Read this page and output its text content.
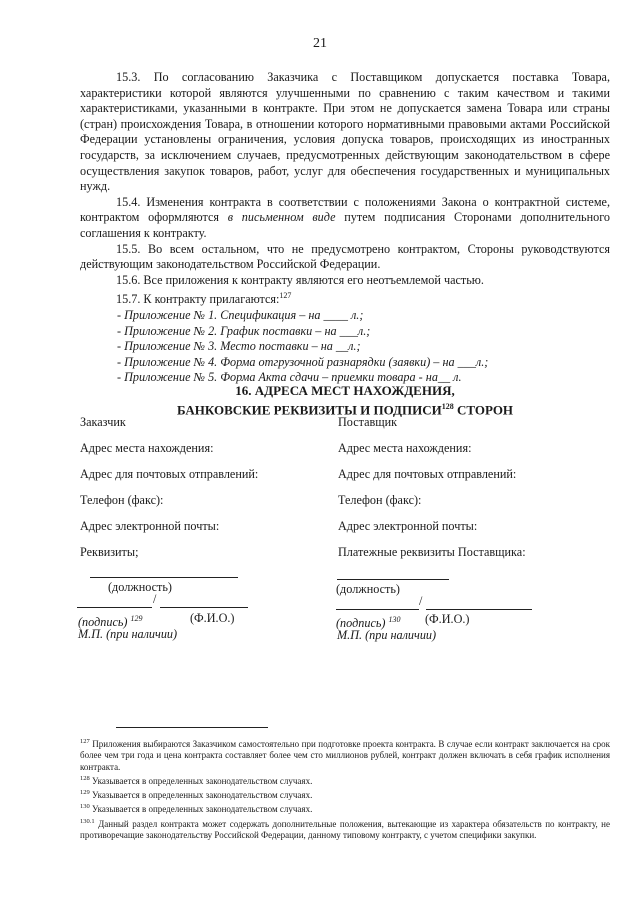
21

15.3. По согласованию Заказчика с Поставщиком допускается поставка Товара, характеристики которой являются улучшенными по сравнению с таким качеством и такими характеристиками, указанными в контракте. При этом не допускается замена Товара или страны (стран) происхождения Товара, в отношении которого нормативными правовыми актами Российской Федерации установлены ограничения, условия допуска товаров, происходящих из иностранных государств, за исключением случаев, предусмотренных действующим законодательством в сфере осуществления закупок товаров, работ, услуг для обеспечения государственных и муниципальных нужд.

15.4. Изменения контракта в соответствии с положениями Закона о контрактной системе, контрактом оформляются в письменном виде путем подписания Сторонами дополнительного соглашения к контракту.

15.5. Во всем остальном, что не предусмотрено контрактом, Стороны руководствуются действующим законодательством Российской Федерации.

15.6. Все приложения к контракту являются его неотъемлемой частью.

15.7. К контракту прилагаются:$^{127}$

- Приложение № 1. Спецификация – на ____ л.;
- Приложение № 2. График поставки – на ___л.;
- Приложение № 3. Место поставки – на __л.;
- Приложение № 4. Форма отгрузочной разнарядки (заявки) – на ___л.;
- Приложение № 5. Форма Акта сдачи – приемки товара - на__ л.
16. АДРЕСА МЕСТ НАХОЖДЕНИЯ,
БАНКОВСКИЕ РЕКВИЗИТЫ И ПОДПИСИ$^{128}$ СТОРОН
Заказчик
Адрес места нахождения:
Адрес для почтовых отправлений:
Телефон (факс):
Адрес электронной почты:
Реквизиты;
Поставщик
Адрес места нахождения:
Адрес для почтовых отправлений:
Телефон (факс):
Адрес электронной почты:
Платежные реквизиты Поставщика:
(должность)
/
(подпись) $^{129}$	(Ф.И.О.)
М.П. (при наличии)
(должность)
/
(подпись) $^{130}$ (Ф.И.О.)
М.П. (при наличии)

$^{127}$ Приложения выбираются Заказчиком самостоятельно при подготовке проекта контракта. В случае если контракт заключается на срок более чем три года и цена контракта составляет более чем сто миллионов рублей, контракт должен включать в себя график исполнения контракта.

$^{128}$ Указывается в определенных законодательством случаях.

$^{129}$ Указывается в определенных законодательством случаях.

$^{130}$ Указывается в определенных законодательством случаях.

$^{130.1}$ Данный раздел контракта может содержать дополнительные положения, вытекающие из характера обязательств по контракту, не противоречащие законодательству Российской Федерации, данному типовому контракту, с учетом специфики закупки.
